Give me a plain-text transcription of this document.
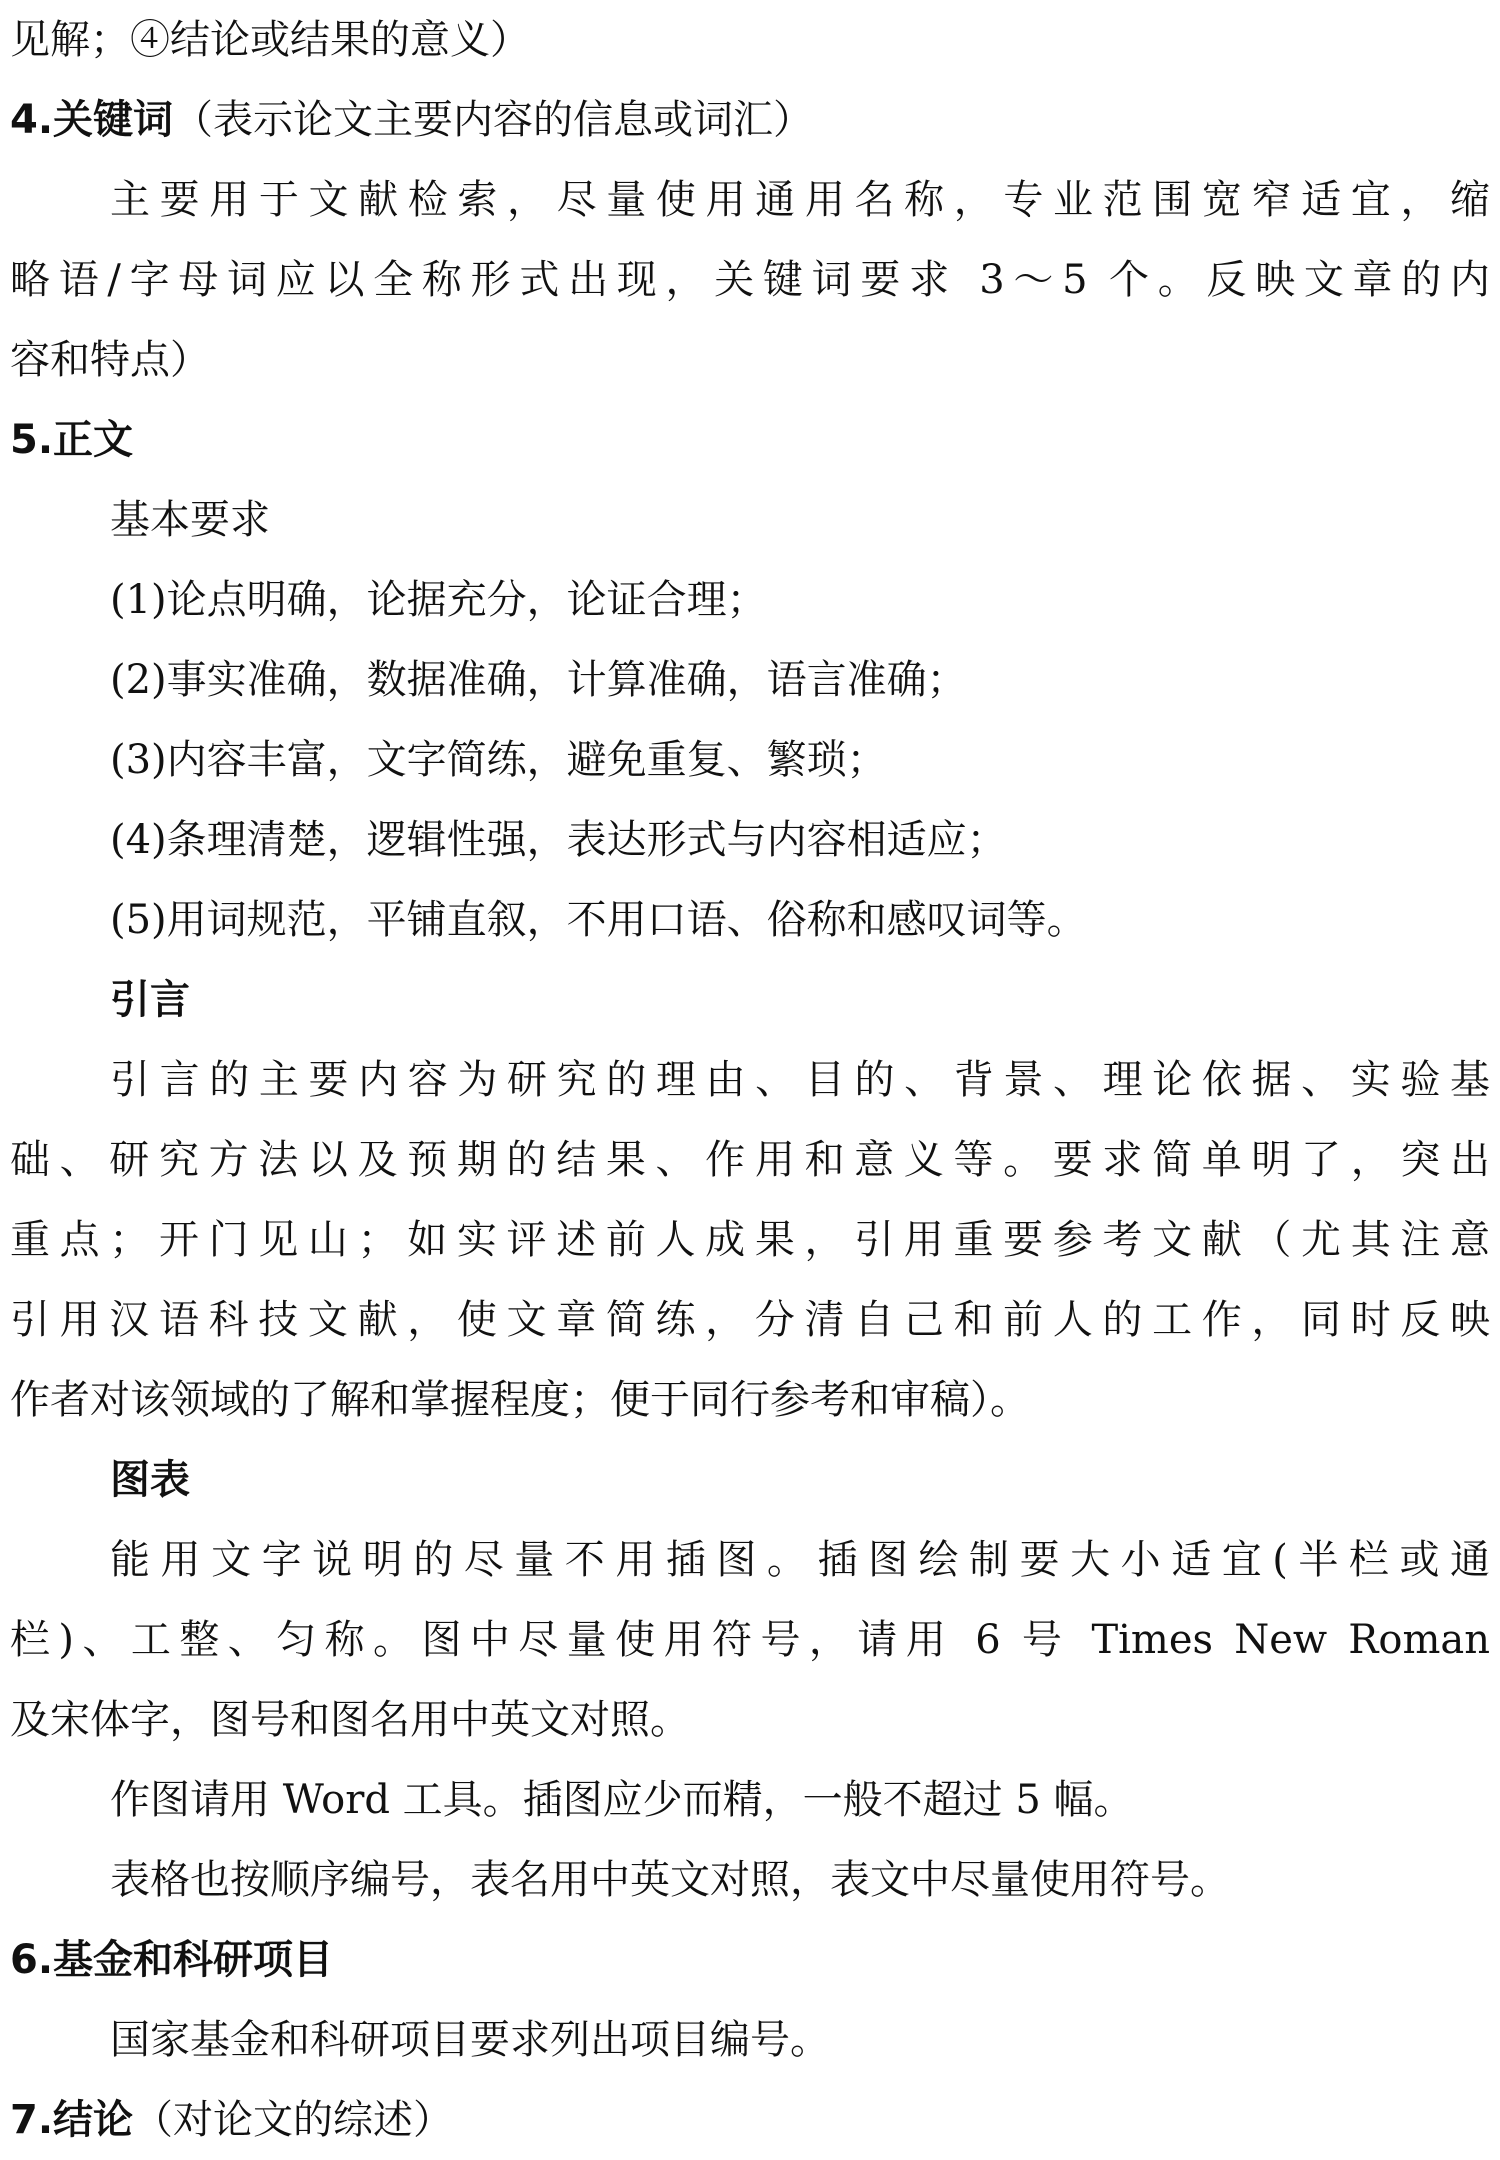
见解；④结论或结果的意义）
4.关键词（表示论文主要内容的信息或词汇）
主要用于文献检索，尽量使用通用名称，专业范围宽窄适宜，缩
略语/字母词应以全称形式出现，关键词要求 3～5 个。反映文章的内
容和特点）
5.正文
基本要求
(1)论点明确，论据充分，论证合理；
(2)事实准确，数据准确，计算准确，语言准确；
(3)内容丰富，文字简练，避免重复、繁琐；
(4)条理清楚，逻辑性强，表达形式与内容相适应；
(5)用词规范，平铺直叙，不用口语、俗称和感叹词等。
引言
引言的主要内容为研究的理由、目的、背景、理论依据、实验基
础、研究方法以及预期的结果、作用和意义等。要求简单明了，突出
重点；开门见山；如实评述前人成果，引用重要参考文献（尤其注意
引用汉语科技文献，使文章简练，分清自己和前人的工作，同时反映
作者对该领域的了解和掌握程度；便于同行参考和审稿）。
图表
能用文字说明的尽量不用插图。插图绘制要大小适宜(半栏或通
栏)、工整、匀称。图中尽量使用符号，请用 6 号 Times New Roman
及宋体字，图号和图名用中英文对照。
作图请用 Word 工具。插图应少而精，一般不超过 5 幅。
表格也按顺序编号，表名用中英文对照，表文中尽量使用符号。
6.基金和科研项目
国家基金和科研项目要求列出项目编号。
7.结论（对论文的综述）
